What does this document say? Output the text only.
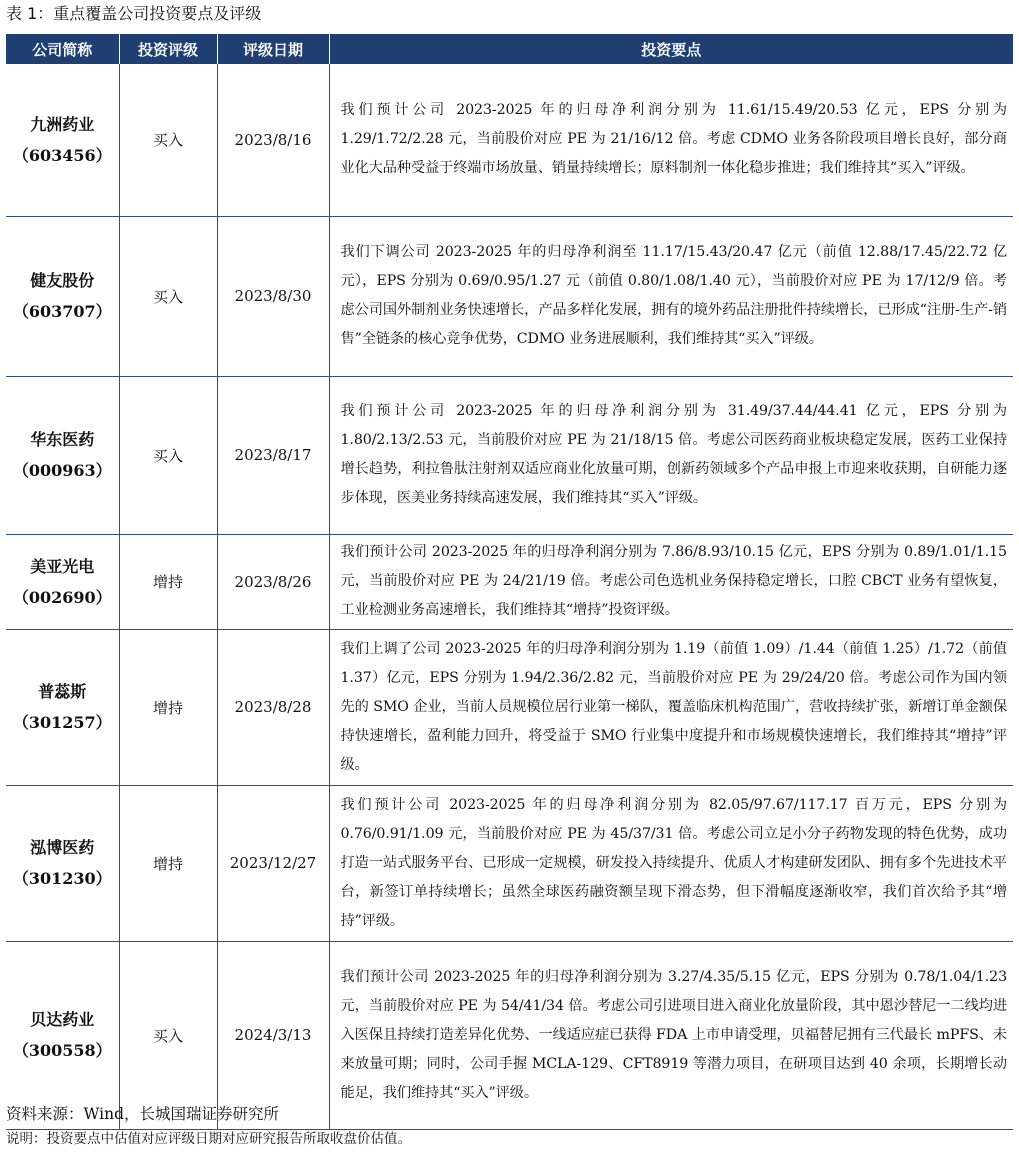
表 1：重点覆盖公司投资要点及评级
公司简称	投资评级	评级日期	投资要点

九洲药业
（603456）	买入	2023/8/16	我们预计公司 2023-2025 年的归母净利润分别为 11.61/15.49/20.53 亿元，EPS 分别为 1.29/1.72/2.28 元，当前股价对应 PE 为 21/16/12 倍。考虑 CDMO 业务各阶段项目增长良好，部分商业化大品种受益于终端市场放量、销量持续增长；原料制剂一体化稳步推进；我们维持其“买入”评级。

健友股份
（603707）	买入	2023/8/30	我们下调公司 2023-2025 年的归母净利润至 11.17/15.43/20.47 亿元（前值 12.88/17.45/22.72 亿元），EPS 分别为 0.69/0.95/1.27 元（前值 0.80/1.08/1.40 元），当前股价对应 PE 为 17/12/9 倍。考虑公司国外制剂业务快速增长，产品多样化发展，拥有的境外药品注册批件持续增长，已形成“注册-生产-销售”全链条的核心竞争优势，CDMO 业务进展顺利，我们维持其“买入”评级。

华东医药
（000963）	买入	2023/8/17	我们预计公司 2023-2025 年的归母净利润分别为 31.49/37.44/44.41 亿元，EPS 分别为 1.80/2.13/2.53 元，当前股价对应 PE 为 21/18/15 倍。考虑公司医药商业板块稳定发展，医药工业保持增长趋势，利拉鲁肽注射剂双适应商业化放量可期，创新药领域多个产品申报上市迎来收获期，自研能力逐步体现，医美业务持续高速发展，我们维持其“买入”评级。

美亚光电
（002690）	增持	2023/8/26	我们预计公司 2023-2025 年的归母净利润分别为 7.86/8.93/10.15 亿元，EPS 分别为 0.89/1.01/1.15 元，当前股价对应 PE 为 24/21/19 倍。考虑公司色选机业务保持稳定增长，口腔 CBCT 业务有望恢复，工业检测业务高速增长，我们维持其“增持”投资评级。

普蕊斯
（301257）	增持	2023/8/28	我们上调了公司 2023-2025 年的归母净利润分别为 1.19（前值 1.09）/1.44（前值 1.25）/1.72（前值 1.37）亿元，EPS 分别为 1.94/2.36/2.82 元，当前股价对应 PE 为 29/24/20 倍。考虑公司作为国内领先的 SMO 企业，当前人员规模位居行业第一梯队，覆盖临床机构范围广，营收持续扩张，新增订单金额保持快速增长，盈利能力回升，将受益于 SMO 行业集中度提升和市场规模快速增长，我们维持其“增持”评级。

泓博医药
（301230）	增持	2023/12/27	我们预计公司 2023-2025 年的归母净利润分别为 82.05/97.67/117.17 百万元，EPS 分别为 0.76/0.91/1.09 元，当前股价对应 PE 为 45/37/31 倍。考虑公司立足小分子药物发现的特色优势，成功打造一站式服务平台、已形成一定规模，研发投入持续提升、优质人才构建研发团队、拥有多个先进技术平台，新签订单持续增长；虽然全球医药融资额呈现下滑态势，但下滑幅度逐渐收窄，我们首次给予其“增持”评级。

贝达药业
（300558）	买入	2024/3/13	我们预计公司 2023-2025 年的归母净利润分别为 3.27/4.35/5.15 亿元，EPS 分别为 0.78/1.04/1.23 元，当前股价对应 PE 为 54/41/34 倍。考虑公司引进项目进入商业化放量阶段，其中恩沙替尼一二线均进入医保且持续打造差异化优势、一线适应症已获得 FDA 上市申请受理，贝福替尼拥有三代最长 mPFS、未来放量可期；同时，公司手握 MCLA-129、CFT8919 等潜力项目，在研项目达到 40 余项，长期增长动能足，我们维持其“买入”评级。
资料来源：Wind，长城国瑞证券研究所
说明：投资要点中估值对应评级日期对应研究报告所取收盘价估值。
